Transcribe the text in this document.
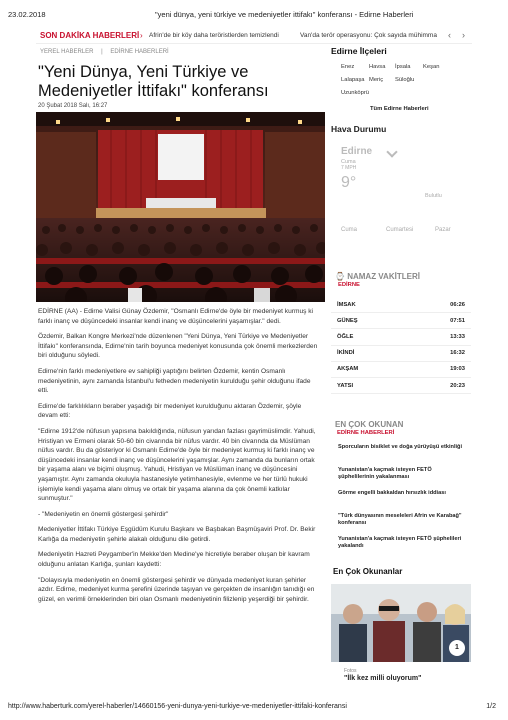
23.02.2018	"yeni dünya, yeni türkiye ve medeniyetler ittifakı" konferansı - Edirne Haberleri
SON DAKİKA HABERLERİ › Afrin'de bir köy daha teröristlerden temizlendi	Van'da terör operasyonu: Çok sayıda mühimma ‹ ›
YEREL HABERLER | EDİRNE HABERLERİ
"Yeni Dünya, Yeni Türkiye ve Medeniyetler İttifakı" konferansı
20 Şubat 2018 Salı, 16:27

EDİRNE (AA) - Edirne Valisi Günay Özdemir, "Osmanlı Edirne'de öyle bir medeniyet kurmuş ki farklı inanç ve düşüncedeki insanlar kendi inanç ve düşüncelerini yaşamışlar." dedi.

Özdemir, Balkan Kongre Merkezi'nde düzenlenen "Yeni Dünya, Yeni Türkiye ve Medeniyetler İttifakı" konferansında, Edirne'nin tarih boyunca medeniyet konusunda çok önemli merkezlerden biri olduğunu söyledi.

Edirne'nin farklı medeniyetlere ev sahipliği yaptığını belirten Özdemir, kentin Osmanlı medeniyetinin, aynı zamanda İstanbul'u fetheden medeniyetin kurulduğu şehir olduğunu ifade etti.

Edirne'de farklılıkların beraber yaşadığı bir medeniyet kurulduğunu aktaran Özdemir, şöyle devam etti:

"Edirne 1912'de nüfusun yapısına bakıldığında, nüfusun yarıdan fazlası gayrimüslimdir. Yahudi, Hristiyan ve Ermeni olarak 50-60 bin civarında bir nüfus vardır. 40 bin civarında da Müslüman nüfus vardır. Bu da gösteriyor ki Osmanlı Edirne'de öyle bir medeniyet kurmuş ki farklı inanç ve düşüncedeki insanlar kendi inanç ve düşüncelerini yaşamışlar. Aynı zamanda da bunların ortak bir yaşama alanı ve biçimi oluşmuş. Yahudi, Hristiyan ve Müslüman inanç ve düşüncesini yaşamıştır. Aynı zamanda okuluyla hastanesiyle yetimhanesiyle, evlenme ve her türlü hukuki işlemiyle kendi yaşama alanı olmuş ve ortak bir yaşama alanına da çok önemli katkılar sunmuştur."

- "Medeniyetin en önemli göstergesi şehirdir"

Medeniyetler İttifakı Türkiye Eşgüdüm Kurulu Başkanı ve Başbakan Başmüşaviri Prof. Dr. Bekir Karlığa da medeniyetin şehirle alakalı olduğunu dile getirdi.

Medeniyetin Hazreti Peygamber'in Mekke'den Medine'ye hicretiyle beraber oluşan bir kavram olduğunu anlatan Karlığa, şunları kaydetti:

"Dolayısıyla medeniyetin en önemli göstergesi şehirdir ve dünyada medeniyet kuran şehirler azdır. Edirne, medeniyet kurma şerefini üzerinde taşıyan ve gerçekten de insanlığın tanıdığı en güzel, en verimli örneklerinden biri olan Osmanlı medeniyetinin filizlenip yeşerdiği bir şehirdir.

Edirne İlçeleri
Enez	Havsa	İpsala	Keşan
Lalapaşa Meriç	Süloğlu
Uzunköprü
Tüm Edirne Haberleri
Hava Durumu
Edirne
Cuma
7 MPH
9°
Bulutlu
Cuma	Cumartesi	Pazar
⌚ NAMAZ VAKİTLERİ
EDİRNE
İMSAK	06:26
GÜNEŞ	07:51
ÖĞLE	13:33
İKİNDİ	16:32
AKŞAM	19:03
YATSI	20:23
EN ÇOK OKUNAN
EDİRNE HABERLERİ
Sporcuların bisiklet ve doğa yürüyüşü etkinliği
Yunanistan'a kaçmak isteyen FETÖ şüphelilerinin yakalanması
Görme engelli bakkaldan hırsızlık iddiası
"Türk dünyasının meseleleri Afrin ve Karabağ" konferansı
Yunanistan'a kaçmak isteyen FETÖ şüphelileri yakalandı
En Çok Okunanlar
1
Fotos
"İlk kez milli oluyorum"
http://www.haberturk.com/yerel-haberler/14660156-yeni-dunya-yeni-turkiye-ve-medeniyetler-ittifaki-konferansi	1/2
